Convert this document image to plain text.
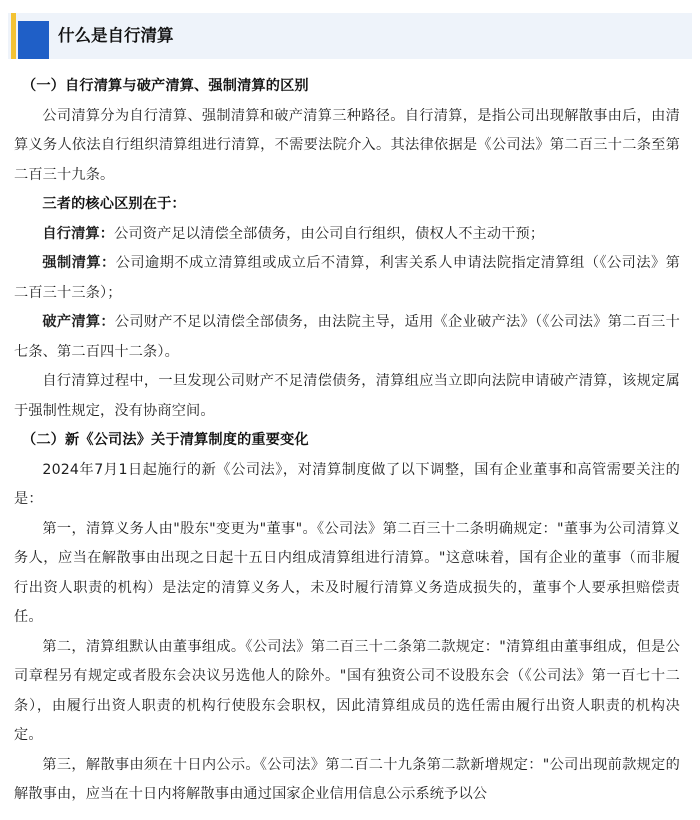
什么是自行清算

（一）自行清算与破产清算、强制清算的区别

公司清算分为自行清算、强制清算和破产清算三种路径。自行清算，是指公司出现解散事由后，由清算义务人依法自行组织清算组进行清算，不需要法院介入。其法律依据是《公司法》第二百三十二条至第二百三十九条。

三者的核心区别在于：

自行清算：公司资产足以清偿全部债务，由公司自行组织，债权人不主动干预；

强制清算：公司逾期不成立清算组或成立后不清算，利害关系人申请法院指定清算组（《公司法》第二百三十三条）；

破产清算：公司财产不足以清偿全部债务，由法院主导，适用《企业破产法》（《公司法》第二百三十七条、第二百四十二条）。

自行清算过程中，一旦发现公司财产不足清偿债务，清算组应当立即向法院申请破产清算，该规定属于强制性规定，没有协商空间。

（二）新《公司法》关于清算制度的重要变化

2024年7月1日起施行的新《公司法》，对清算制度做了以下调整，国有企业董事和高管需要关注的是：

第一，清算义务人由"股东"变更为"董事"。《公司法》第二百三十二条明确规定："董事为公司清算义务人，应当在解散事由出现之日起十五日内组成清算组进行清算。"这意味着，国有企业的董事（而非履行出资人职责的机构）是法定的清算义务人，未及时履行清算义务造成损失的，董事个人要承担赔偿责任。

第二，清算组默认由董事组成。《公司法》第二百三十二条第二款规定："清算组由董事组成，但是公司章程另有规定或者股东会决议另选他人的除外。"国有独资公司不设股东会（《公司法》第一百七十二条），由履行出资人职责的机构行使股东会职权，因此清算组成员的选任需由履行出资人职责的机构决定。

第三，解散事由须在十日内公示。《公司法》第二百二十九条第二款新增规定："公司出现前款规定的解散事由，应当在十日内将解散事由通过国家企业信用信息公示系统予以公
